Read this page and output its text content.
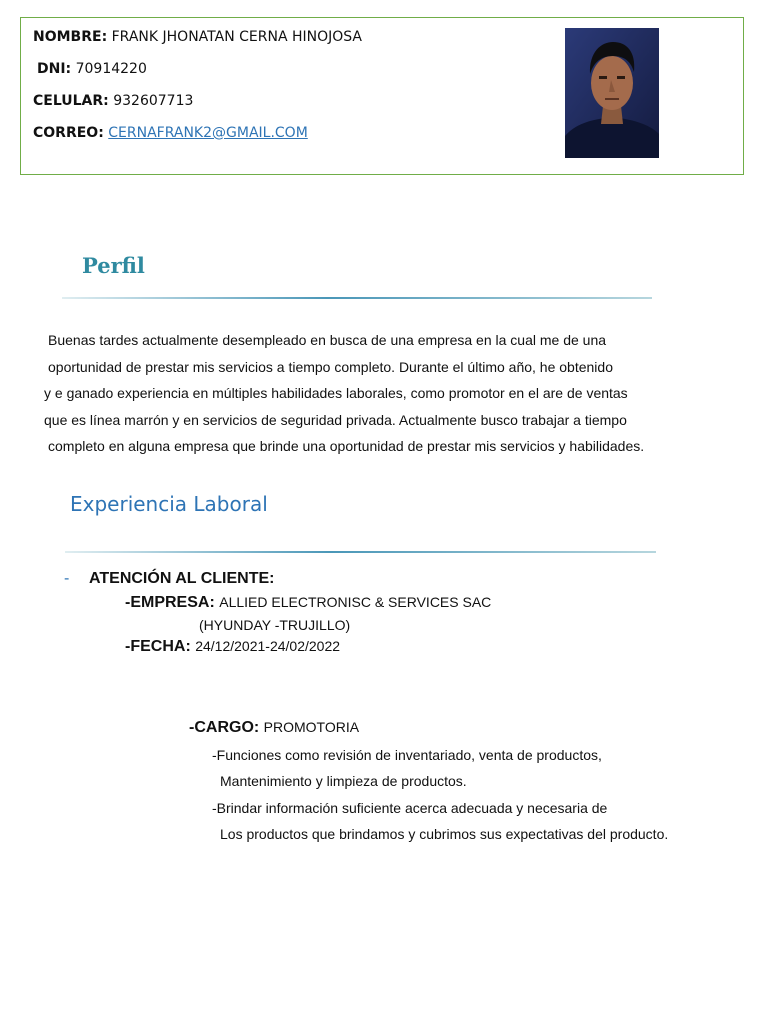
NOMBRE: FRANK JHONATAN CERNA HINOJOSA
DNI: 70914220
CELULAR: 932607713
CORREO: CERNAFRANK2@GMAIL.COM
Perfil
Buenas tardes actualmente desempleado en busca de una empresa en la cual me de una
oportunidad de prestar mis servicios a tiempo completo. Durante el último año, he obtenido
y e ganado experiencia en múltiples habilidades laborales, como promotor en el are de ventas
que es línea marrón y en servicios de seguridad privada. Actualmente busco trabajar a tiempo
completo en alguna empresa que brinde una oportunidad de prestar mis servicios y habilidades.
Experiencia Laboral
- ATENCIÓN AL CLIENTE:
-EMPRESA: ALLIED ELECTRONISC & SERVICES SAC
(HYUNDAY -TRUJILLO)
-FECHA: 24/12/2021-24/02/2022
-CARGO: PROMOTORIA
-Funciones como revisión de inventariado, venta de productos,
Mantenimiento y limpieza de productos.
-Brindar información suficiente acerca adecuada y necesaria de
Los productos que brindamos y cubrimos sus expectativas del producto.
